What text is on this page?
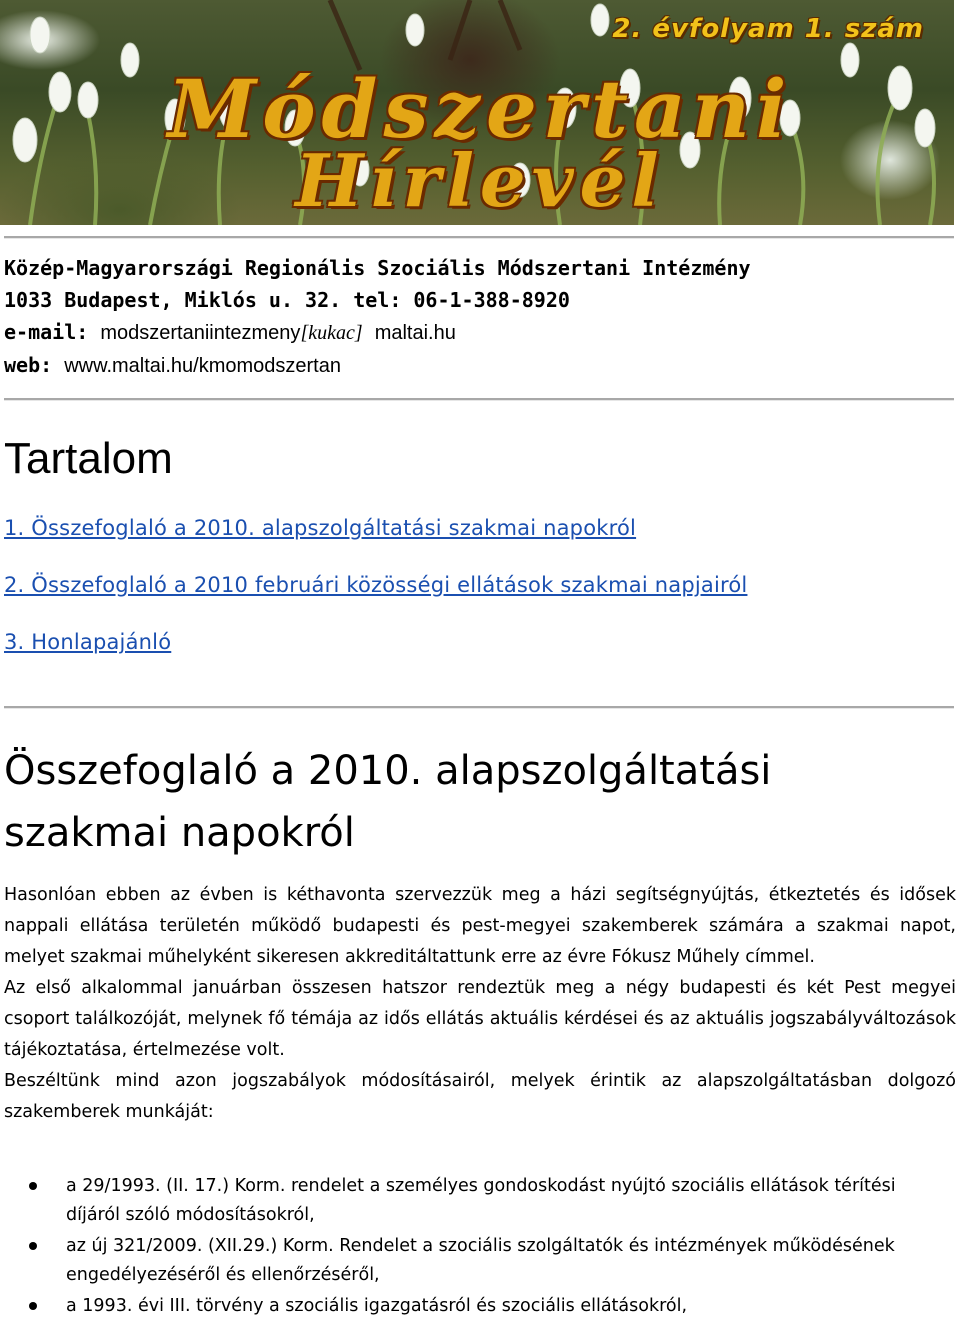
2. évfolyam 1. szám
Módszertani
Hírlevél
Közép-Magyarországi Regionális Szociális Módszertani Intézmény
1033 Budapest, Miklós u. 32. tel: 06-1-388-8920
e-mail: modszertaniintezmeny[kukac] maltai.hu
web: www.maltai.hu/kmomodszertan
Tartalom
1. Összefoglaló a 2010. alapszolgáltatási szakmai napokról
2. Összefoglaló a 2010 februári közösségi ellátások szakmai napjairól
3. Honlapajánló
Összefoglaló a 2010. alapszolgáltatási szakmai napokról

Hasonlóan ebben az évben is kéthavonta szervezzük meg a házi segítségnyújtás, étkeztetés és idősek nappali ellátása területén működő budapesti és pest-megyei szakemberek számára a szakmai napot, melyet szakmai műhelyként sikeresen akkreditáltattunk erre az évre Fókusz Műhely címmel.

Az első alkalommal januárban összesen hatszor rendeztük meg a négy budapesti és két Pest megyei csoport találkozóját, melynek fő témája az idős ellátás aktuális kérdései és az aktuális jogszabályváltozások tájékoztatása, értelmezése volt.

Beszéltünk mind azon jogszabályok módosításairól, melyek érintik az alapszolgáltatásban dolgozó szakemberek munkáját:

a 29/1993. (II. 17.) Korm. rendelet a személyes gondoskodást nyújtó szociális ellátások térítési díjáról szóló módosításokról,
az új 321/2009. (XII.29.) Korm. Rendelet a szociális szolgáltatók és intézmények működésének engedélyezéséről és ellenőrzéséről,
a 1993. évi III. törvény a szociális igazgatásról és szociális ellátásokról,
